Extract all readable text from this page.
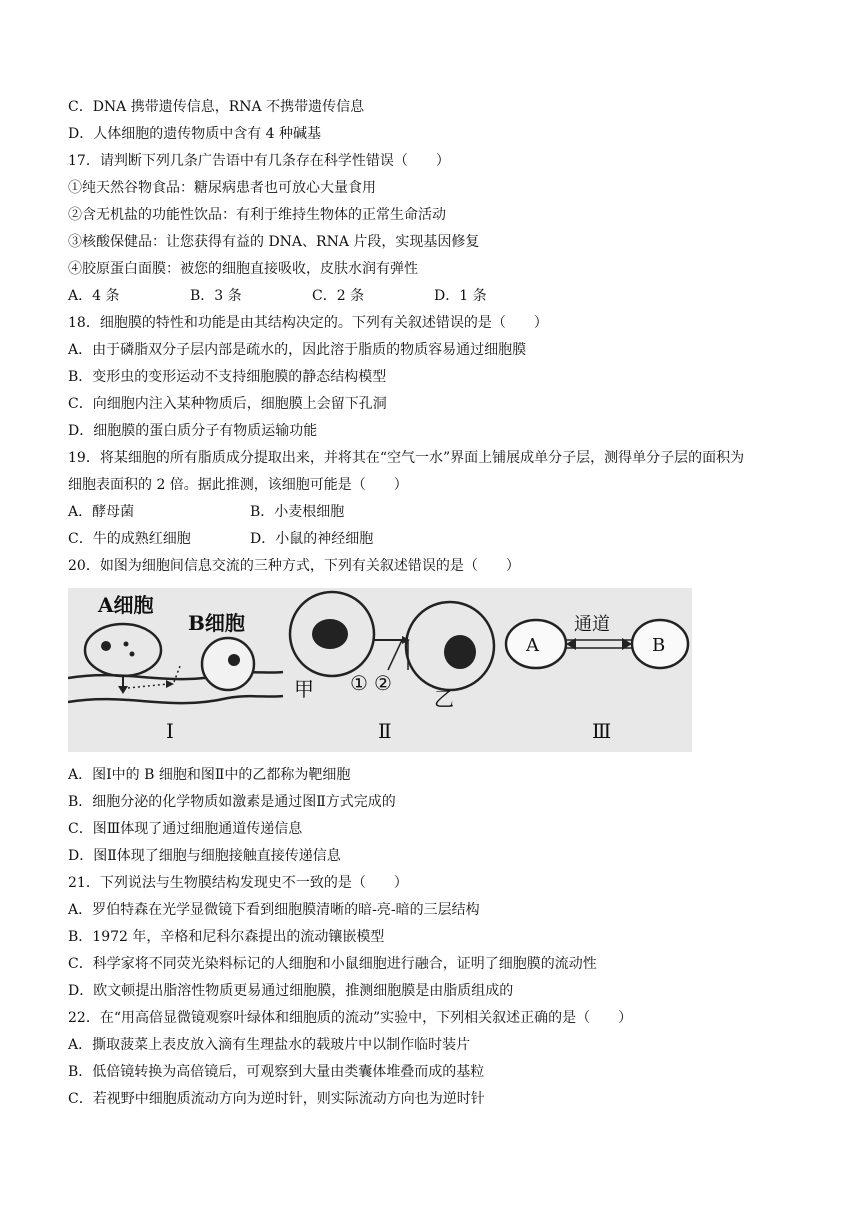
C．DNA 携带遗传信息，RNA 不携带遗传信息
D．人体细胞的遗传物质中含有 4 种碱基
17．请判断下列几条广告语中有几条存在科学性错误（　　）
①纯天然谷物食品：糖尿病患者也可放心大量食用
②含无机盐的功能性饮品：有利于维持生物体的正常生命活动
③核酸保健品：让您获得有益的 DNA、RNA 片段，实现基因修复
④胶原蛋白面膜：被您的细胞直接吸收，皮肤水润有弹性
A．4 条	B．3 条	C．2 条	D．1 条
18．细胞膜的特性和功能是由其结构决定的。下列有关叙述错误的是（　　）
A．由于磷脂双分子层内部是疏水的，因此溶于脂质的物质容易通过细胞膜
B．变形虫的变形运动不支持细胞膜的静态结构模型
C．向细胞内注入某种物质后，细胞膜上会留下孔洞
D．细胞膜的蛋白质分子有物质运输功能
19．将某细胞的所有脂质成分提取出来，并将其在“空气一水”界面上铺展成单分子层，测得单分子层的面积为
细胞表面积的 2 倍。据此推测，该细胞可能是（　　）
A．酵母菌	B．小麦根细胞
C．牛的成熟红细胞	D．小鼠的神经细胞
20．如图为细胞间信息交流的三种方式，下列有关叙述错误的是（　　）
A细胞
B细胞
Ⅰ
甲 ① ②
乙
Ⅱ
通道
A	B
Ⅲ
A．图Ⅰ中的 B 细胞和图Ⅱ中的乙都称为靶细胞
B．细胞分泌的化学物质如激素是通过图Ⅱ方式完成的
C．图Ⅲ体现了通过细胞通道传递信息
D．图Ⅱ体现了细胞与细胞接触直接传递信息
21．下列说法与生物膜结构发现史不一致的是（　　）
A．罗伯特森在光学显微镜下看到细胞膜清晰的暗-亮-暗的三层结构
B．1972 年，辛格和尼科尔森提出的流动镶嵌模型
C．科学家将不同荧光染料标记的人细胞和小鼠细胞进行融合，证明了细胞膜的流动性
D．欧文顿提出脂溶性物质更易通过细胞膜，推测细胞膜是由脂质组成的
22．在“用高倍显微镜观察叶绿体和细胞质的流动”实验中，下列相关叙述正确的是（　　）
A．撕取菠菜上表皮放入滴有生理盐水的载玻片中以制作临时装片
B．低倍镜转换为高倍镜后，可观察到大量由类囊体堆叠而成的基粒
C．若视野中细胞质流动方向为逆时针，则实际流动方向也为逆时针
